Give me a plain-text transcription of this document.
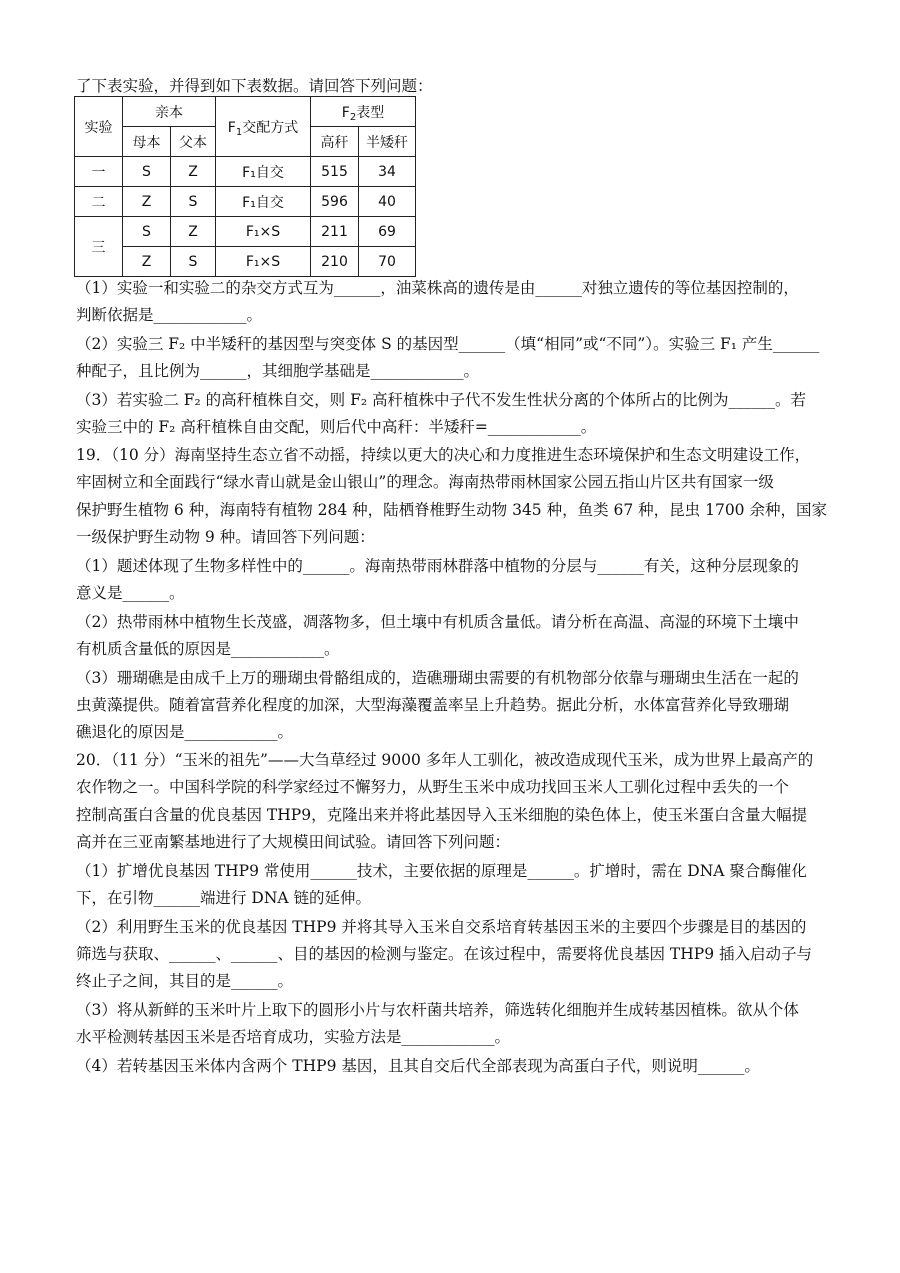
了下表实验，并得到如下表数据。请回答下列问题：
实验	亲本		$F_1$交配方式	$F_2$表型	
	母本	父本		高秆	半矮秆
一	S	Z	F₁自交	515	34
二	Z	S	F₁自交	596	40
三	S	Z	F₁×S	211	69
	Z	S	F₁×S	210	70
（1）实验一和实验二的杂交方式互为______，油菜株高的遗传是由______对独立遗传的等位基因控制的，
判断依据是____________。
（2）实验三 F₂ 中半矮秆的基因型与突变体 S 的基因型______（填“相同”或“不同”）。实验三 F₁ 产生______
种配子，且比例为______，其细胞学基础是____________。
（3）若实验二 F₂ 的高秆植株自交，则 F₂ 高秆植株中子代不发生性状分离的个体所占的比例为______。若
实验三中的 F₂ 高秆植株自由交配，则后代中高秆：半矮秆=____________。
19．（10 分）海南坚持生态立省不动摇，持续以更大的决心和力度推进生态环境保护和生态文明建设工作，
牢固树立和全面践行“绿水青山就是金山银山”的理念。海南热带雨林国家公园五指山片区共有国家一级
保护野生植物 6 种，海南特有植物 284 种，陆栖脊椎野生动物 345 种，鱼类 67 种，昆虫 1700 余种，国家
一级保护野生动物 9 种。请回答下列问题：
（1）题述体现了生物多样性中的______。海南热带雨林群落中植物的分层与______有关，这种分层现象的
意义是______。
（2）热带雨林中植物生长茂盛，凋落物多，但土壤中有机质含量低。请分析在高温、高湿的环境下土壤中
有机质含量低的原因是____________。
（3）珊瑚礁是由成千上万的珊瑚虫骨骼组成的，造礁珊瑚虫需要的有机物部分依靠与珊瑚虫生活在一起的
虫黄藻提供。随着富营养化程度的加深，大型海藻覆盖率呈上升趋势。据此分析，水体富营养化导致珊瑚
礁退化的原因是____________。
20．（11 分）“玉米的祖先”——大刍草经过 9000 多年人工驯化，被改造成现代玉米，成为世界上最高产的
农作物之一。中国科学院的科学家经过不懈努力，从野生玉米中成功找回玉米人工驯化过程中丢失的一个
控制高蛋白含量的优良基因 THP9，克隆出来并将此基因导入玉米细胞的染色体上，使玉米蛋白含量大幅提
高并在三亚南繁基地进行了大规模田间试验。请回答下列问题：
（1）扩增优良基因 THP9 常使用______技术，主要依据的原理是______。扩增时，需在 DNA 聚合酶催化
下，在引物______端进行 DNA 链的延伸。
（2）利用野生玉米的优良基因 THP9 并将其导入玉米自交系培育转基因玉米的主要四个步骤是目的基因的
筛选与获取、______、______、目的基因的检测与鉴定。在该过程中，需要将优良基因 THP9 插入启动子与
终止子之间，其目的是______。
（3）将从新鲜的玉米叶片上取下的圆形小片与农杆菌共培养，筛选转化细胞并生成转基因植株。欲从个体
水平检测转基因玉米是否培育成功，实验方法是____________。
（4）若转基因玉米体内含两个 THP9 基因，且其自交后代全部表现为高蛋白子代，则说明______。
